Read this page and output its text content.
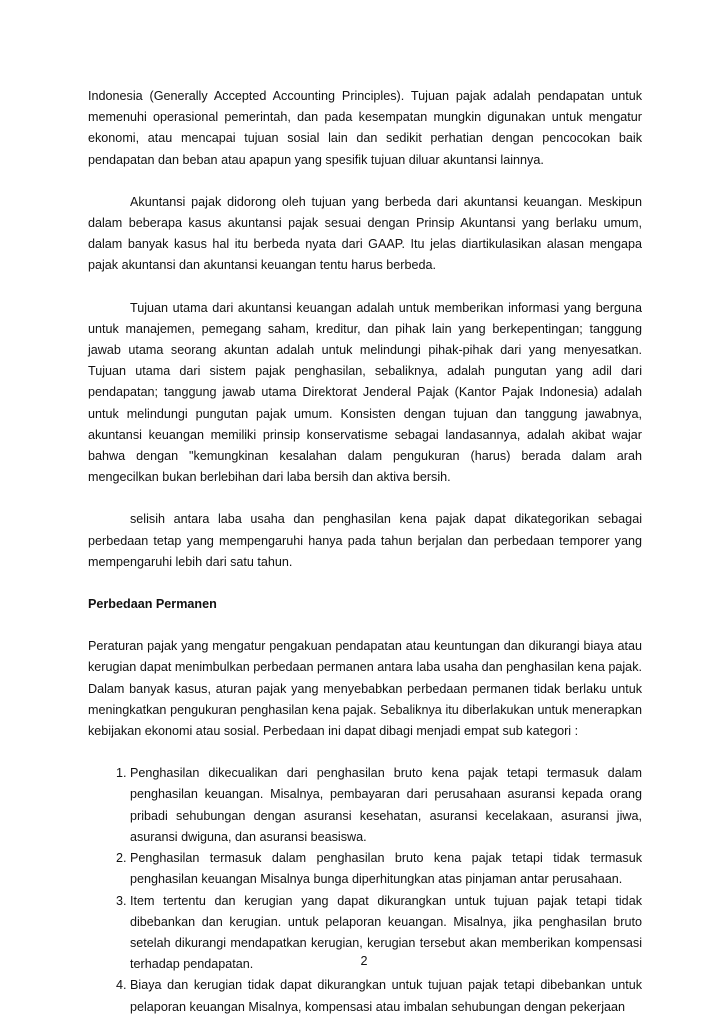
Indonesia (Generally Accepted Accounting Principles). Tujuan pajak adalah pendapatan untuk memenuhi operasional pemerintah, dan pada kesempatan mungkin digunakan untuk mengatur ekonomi, atau mencapai tujuan sosial lain dan sedikit perhatian dengan pencocokan baik pendapatan dan beban atau apapun yang spesifik tujuan diluar akuntansi lainnya.

Akuntansi pajak didorong oleh tujuan yang berbeda dari akuntansi keuangan. Meskipun dalam beberapa kasus akuntansi pajak sesuai dengan Prinsip Akuntansi yang berlaku umum, dalam banyak kasus hal itu berbeda nyata dari GAAP. Itu jelas diartikulasikan alasan mengapa pajak akuntansi dan akuntansi keuangan tentu harus berbeda.

Tujuan utama dari akuntansi keuangan adalah untuk memberikan informasi yang berguna untuk manajemen, pemegang saham, kreditur, dan pihak lain yang berkepentingan; tanggung jawab utama seorang akuntan adalah untuk melindungi pihak-pihak dari yang menyesatkan. Tujuan utama dari sistem pajak penghasilan, sebaliknya, adalah pungutan yang adil dari pendapatan; tanggung jawab utama Direktorat Jenderal Pajak (Kantor Pajak Indonesia) adalah untuk melindungi pungutan pajak umum. Konsisten dengan tujuan dan tanggung jawabnya, akuntansi keuangan memiliki prinsip konservatisme sebagai landasannya, adalah akibat wajar bahwa dengan "kemungkinan kesalahan dalam pengukuran (harus) berada dalam arah mengecilkan bukan berlebihan dari laba bersih dan aktiva bersih.

selisih antara laba usaha dan penghasilan kena pajak dapat dikategorikan sebagai perbedaan tetap yang mempengaruhi hanya pada tahun berjalan dan perbedaan temporer yang mempengaruhi lebih dari satu tahun.

Perbedaan Permanen

Peraturan pajak yang mengatur pengakuan pendapatan atau keuntungan dan dikurangi biaya atau kerugian dapat menimbulkan perbedaan permanen antara laba usaha dan penghasilan kena pajak. Dalam banyak kasus, aturan pajak yang menyebabkan perbedaan permanen tidak berlaku untuk meningkatkan pengukuran penghasilan kena pajak. Sebaliknya itu diberlakukan untuk menerapkan kebijakan ekonomi atau sosial. Perbedaan ini dapat dibagi menjadi empat sub kategori :

1. Penghasilan dikecualikan dari penghasilan bruto kena pajak tetapi termasuk dalam penghasilan keuangan. Misalnya, pembayaran dari perusahaan asuransi kepada orang pribadi sehubungan dengan asuransi kesehatan, asuransi kecelakaan, asuransi jiwa, asuransi dwiguna, dan asuransi beasiswa.
2. Penghasilan termasuk dalam penghasilan bruto kena pajak tetapi tidak termasuk penghasilan keuangan Misalnya bunga diperhitungkan atas pinjaman antar perusahaan.
3. Item tertentu dan kerugian yang dapat dikurangkan untuk tujuan pajak tetapi tidak dibebankan dan kerugian. untuk pelaporan keuangan. Misalnya, jika penghasilan bruto setelah dikurangi mendapatkan kerugian, kerugian tersebut akan memberikan kompensasi terhadap pendapatan.
4. Biaya dan kerugian tidak dapat dikurangkan untuk tujuan pajak tetapi dibebankan untuk pelaporan keuangan Misalnya, kompensasi atau imbalan sehubungan dengan pekerjaan
2
